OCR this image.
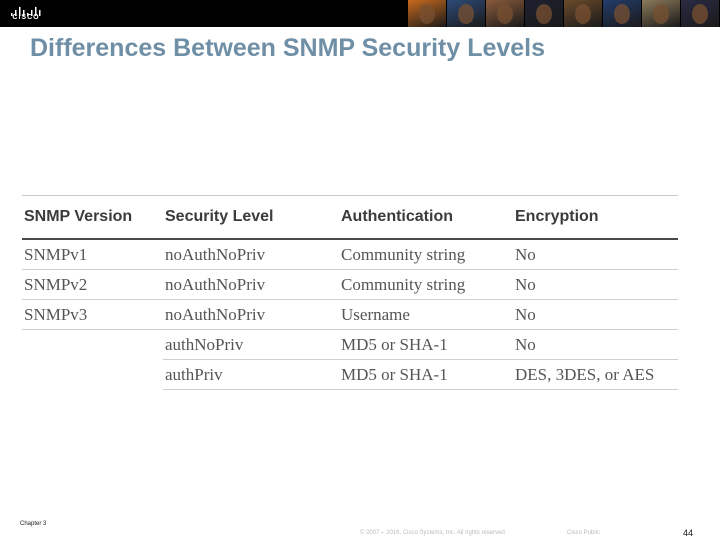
CISCO
Differences Between SNMP Security Levels
SNMP Version	Security Level	Authentication	Encryption
SNMPv1	noAuthNoPriv	Community string	No
SNMPv2	noAuthNoPriv	Community string	No
SNMPv3	noAuthNoPriv	Username	No
	authNoPriv	MD5 or SHA-1	No
	authPriv	MD5 or SHA-1	DES, 3DES, or AES
Chapter 3
© 2007 – 2016, Cisco Systems, Inc. All rights reserved.	Cisco Public	44
